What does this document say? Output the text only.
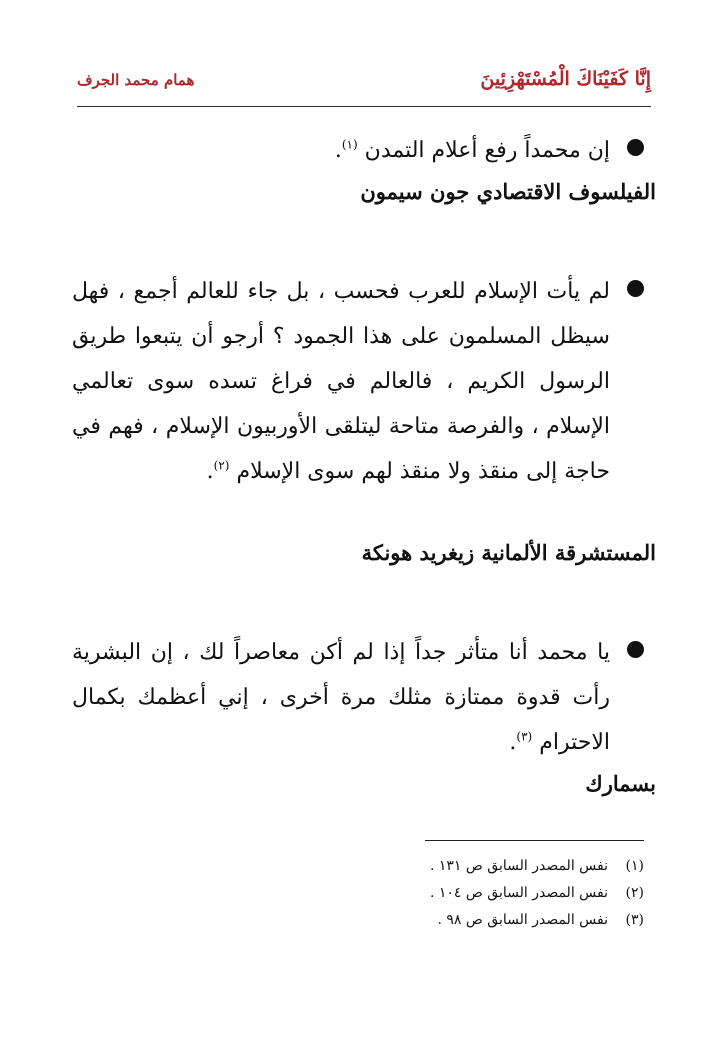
إِنَّا كَفَيْنَاكَ الْمُسْتَهْزِئِينَ
همام محمد الجرف
إن محمداً رفع أعلام التمدن $^{(١)}$.
الفيلسوف الاقتصادي جون سيمون
لم يأت الإسلام للعرب فحسب ، بل جاء للعالم أجمع ، فهل سيظل المسلمون على هذا الجمود ؟ أرجو أن يتبعوا طريق الرسول الكريم ، فالعالم في فراغ تسده سوى تعالمي الإسلام ، والفرصة متاحة ليتلقى الأوربيون الإسلام ، فهم في حاجة إلى منقذ ولا منقذ لهم سوى الإسلام $^{(٢)}$.
المستشرقة الألمانية زيغريد هونكة
يا محمد أنا متأثر جداً إذا لم أكن معاصراً لك ، إن البشرية رأت قدوة ممتازة مثلك مرة أخرى ، إني أعظمك بكمال الاحترام $^{(٣)}$.
بسمارك
(١)
نفس المصدر السابق ص ١٣١ .
(٢)
نفس المصدر السابق ص ١٠٤ .
(٣)
نفس المصدر السابق ص ٩٨ .
